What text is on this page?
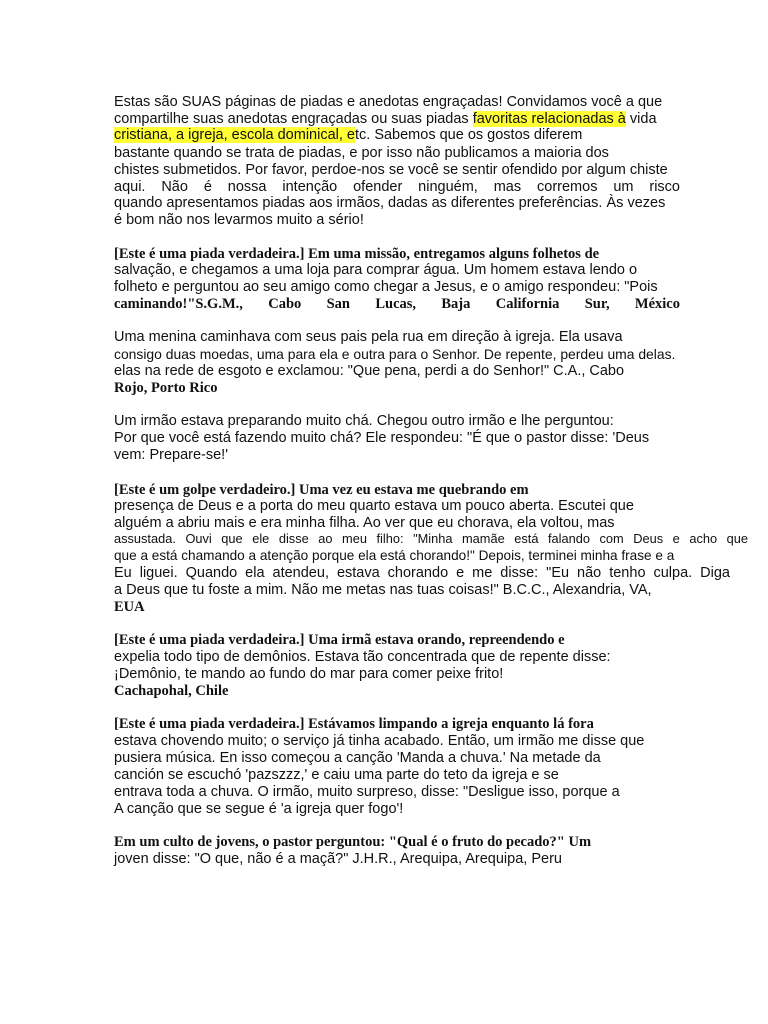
Estas são SUAS páginas de piadas e anedotas engraçadas! Convidamos você a que
compartilhe suas anedotas engraçadas ou suas piadas favoritas relacionadas à vida
cristiana, a igreja, escola dominical, etc. Sabemos que os gostos diferem
bastante quando se trata de piadas, e por isso não publicamos a maioria dos
chistes submetidos. Por favor, perdoe-nos se você se sentir ofendido por algum chiste
aqui. Não é nossa intenção ofender ninguém, mas corremos um risco
quando apresentamos piadas aos irmãos, dadas as diferentes preferências. Às vezes
é bom não nos levarmos muito a sério!
[Este é uma piada verdadeira.] Em uma missão, entregamos alguns folhetos de
salvação, e chegamos a uma loja para comprar água. Um homem estava lendo o
folheto e perguntou ao seu amigo como chegar a Jesus, e o amigo respondeu: "Pois
caminando!"S.G.M., Cabo San Lucas, Baja California Sur, México
Uma menina caminhava com seus pais pela rua em direção à igreja. Ela usava
consigo duas moedas, uma para ela e outra para o Senhor. De repente, perdeu uma delas.
elas na rede de esgoto e exclamou: "Que pena, perdi a do Senhor!" C.A., Cabo
Rojo, Porto Rico
Um irmão estava preparando muito chá. Chegou outro irmão e lhe perguntou:
Por que você está fazendo muito chá? Ele respondeu: "É que o pastor disse: 'Deus
vem: Prepare-se!'
[Este é um golpe verdadeiro.] Uma vez eu estava me quebrando em
presença de Deus e a porta do meu quarto estava um pouco aberta. Escutei que
alguém a abriu mais e era minha filha. Ao ver que eu chorava, ela voltou, mas
assustada. Ouvi que ele disse ao meu filho: "Minha mamãe está falando com Deus e acho que
que a está chamando a atenção porque ela está chorando!" Depois, terminei minha frase e a
Eu liguei. Quando ela atendeu, estava chorando e me disse: "Eu não tenho culpa. Diga
a Deus que tu foste a mim. Não me metas nas tuas coisas!" B.C.C., Alexandria, VA,
EUA
[Este é uma piada verdadeira.] Uma irmã estava orando, repreendendo e
expelia todo tipo de demônios. Estava tão concentrada que de repente disse:
¡Demônio, te mando ao fundo do mar para comer peixe frito!
Cachapohal, Chile
[Este é uma piada verdadeira.] Estávamos limpando a igreja enquanto lá fora
estava chovendo muito; o serviço já tinha acabado. Então, um irmão me disse que
pusiera música. En isso começou a canção 'Manda a chuva.' Na metade da
canción se escuchó 'pazszzz,' e caiu uma parte do teto da igreja e se
entrava toda a chuva. O irmão, muito surpreso, disse: "Desligue isso, porque a
A canção que se segue é 'a igreja quer fogo'!
Em um culto de jovens, o pastor perguntou: "Qual é o fruto do pecado?" Um
joven disse: "O que, não é a maçã?" J.H.R., Arequipa, Arequipa, Peru
